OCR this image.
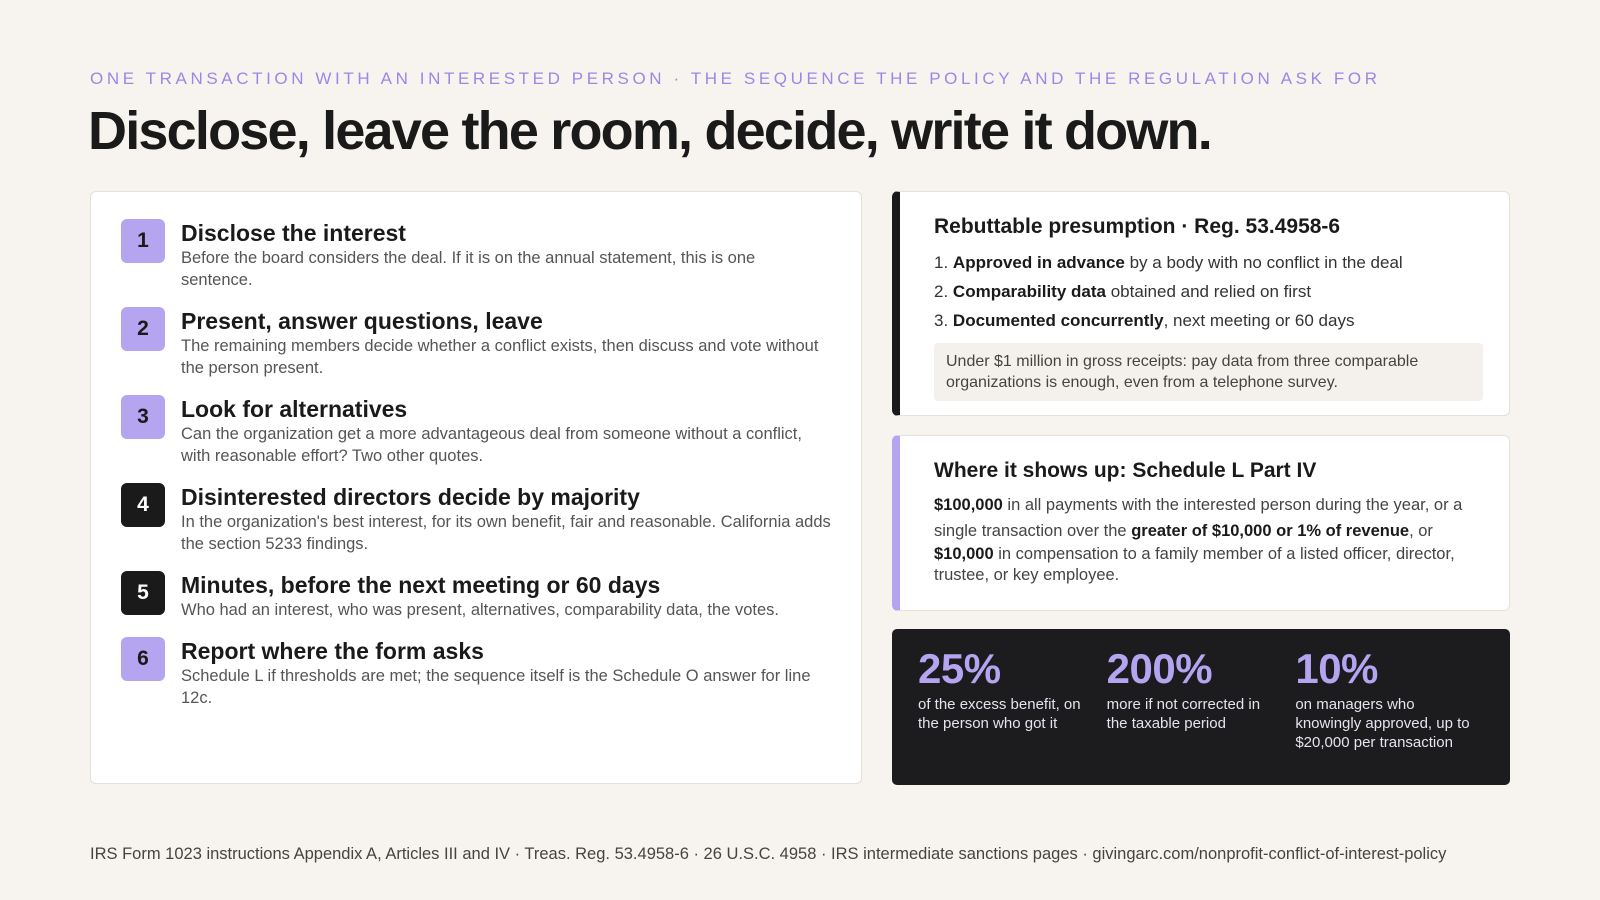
ONE TRANSACTION WITH AN INTERESTED PERSON · THE SEQUENCE THE POLICY AND THE REGULATION ASK FOR
Disclose, leave the room, decide, write it down.
1	Disclose the interest
Before the board considers the deal. If it is on the annual statement, this is one sentence.
2	Present, answer questions, leave
The remaining members decide whether a conflict exists, then discuss and vote without the person present.
3	Look for alternatives
Can the organization get a more advantageous deal from someone without a conflict, with reasonable effort? Two other quotes.
4	Disinterested directors decide by majority
In the organization's best interest, for its own benefit, fair and reasonable. California adds the section 5233 findings.
5	Minutes, before the next meeting or 60 days
Who had an interest, who was present, alternatives, comparability data, the votes.
6	Report where the form asks
Schedule L if thresholds are met; the sequence itself is the Schedule O answer for line 12c.
Rebuttable presumption · Reg. 53.4958-6
1. Approved in advance by a body with no conflict in the deal
2. Comparability data obtained and relied on first
3. Documented concurrently, next meeting or 60 days
Under $1 million in gross receipts: pay data from three comparable organizations is enough, even from a telephone survey.
Where it shows up: Schedule L Part IV
$100,000 in all payments with the interested person during the year, or a single transaction over the greater of $10,000 or 1% of revenue, or
$10,000 in compensation to a family member of a listed officer, director, trustee, or key employee.
25%
of the excess benefit, on the person who got it
200%
more if not corrected in the taxable period
10%
on managers who knowingly approved, up to $20,000 per transaction
IRS Form 1023 instructions Appendix A, Articles III and IV · Treas. Reg. 53.4958-6 · 26 U.S.C. 4958 · IRS intermediate sanctions pages · givingarc.com/nonprofit-conflict-of-interest-policy
